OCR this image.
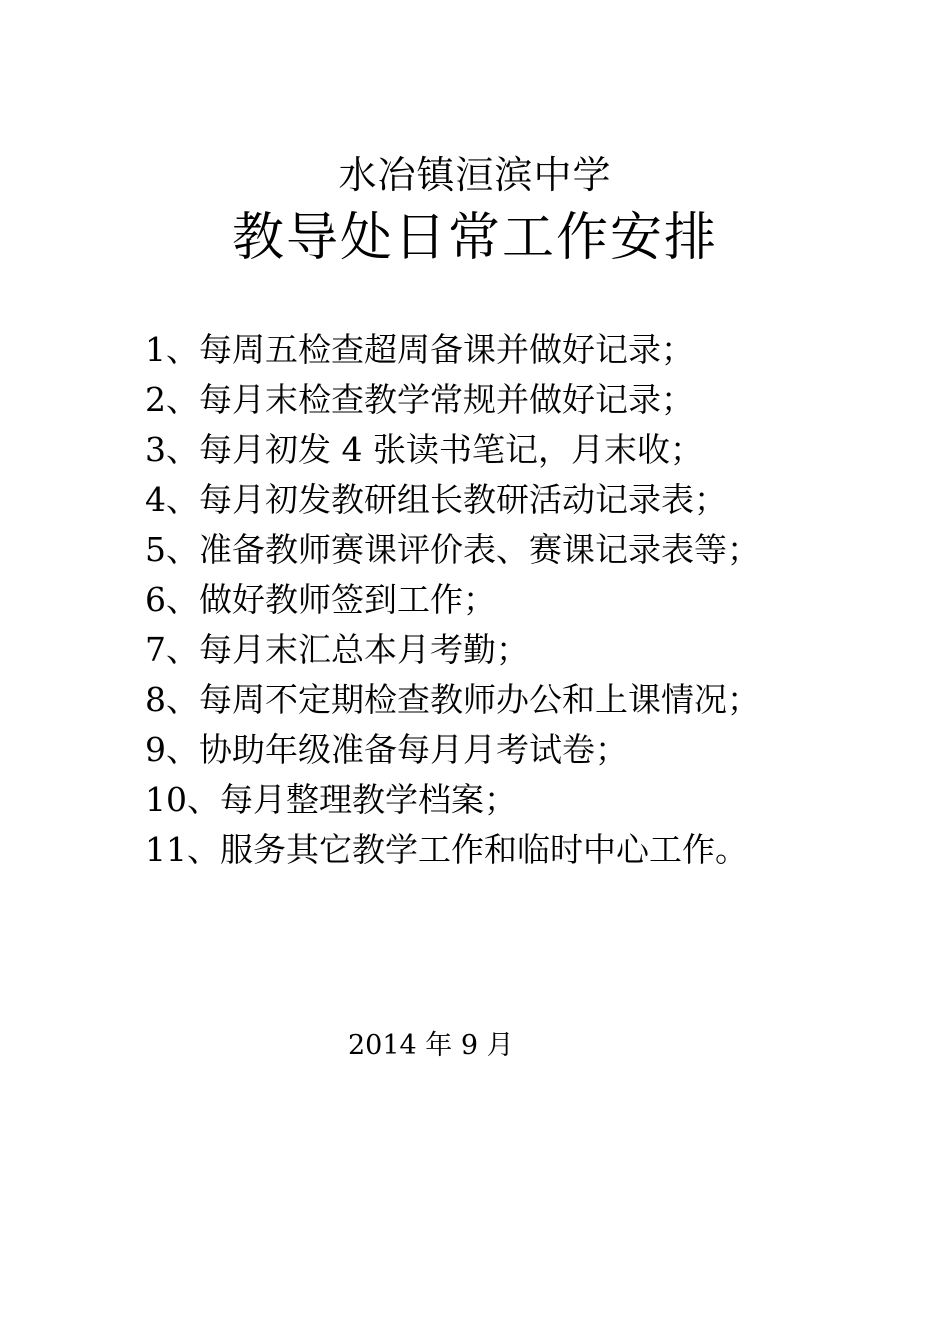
水冶镇洹滨中学
教导处日常工作安排
1、每周五检查超周备课并做好记录；
2、每月末检查教学常规并做好记录；
3、每月初发 4 张读书笔记，月末收；
4、每月初发教研组长教研活动记录表；
5、准备教师赛课评价表、赛课记录表等；
6、做好教师签到工作；
7、每月末汇总本月考勤；
8、每周不定期检查教师办公和上课情况；
9、协助年级准备每月月考试卷；
10、每月整理教学档案；
11、服务其它教学工作和临时中心工作。
2014 年 9 月
